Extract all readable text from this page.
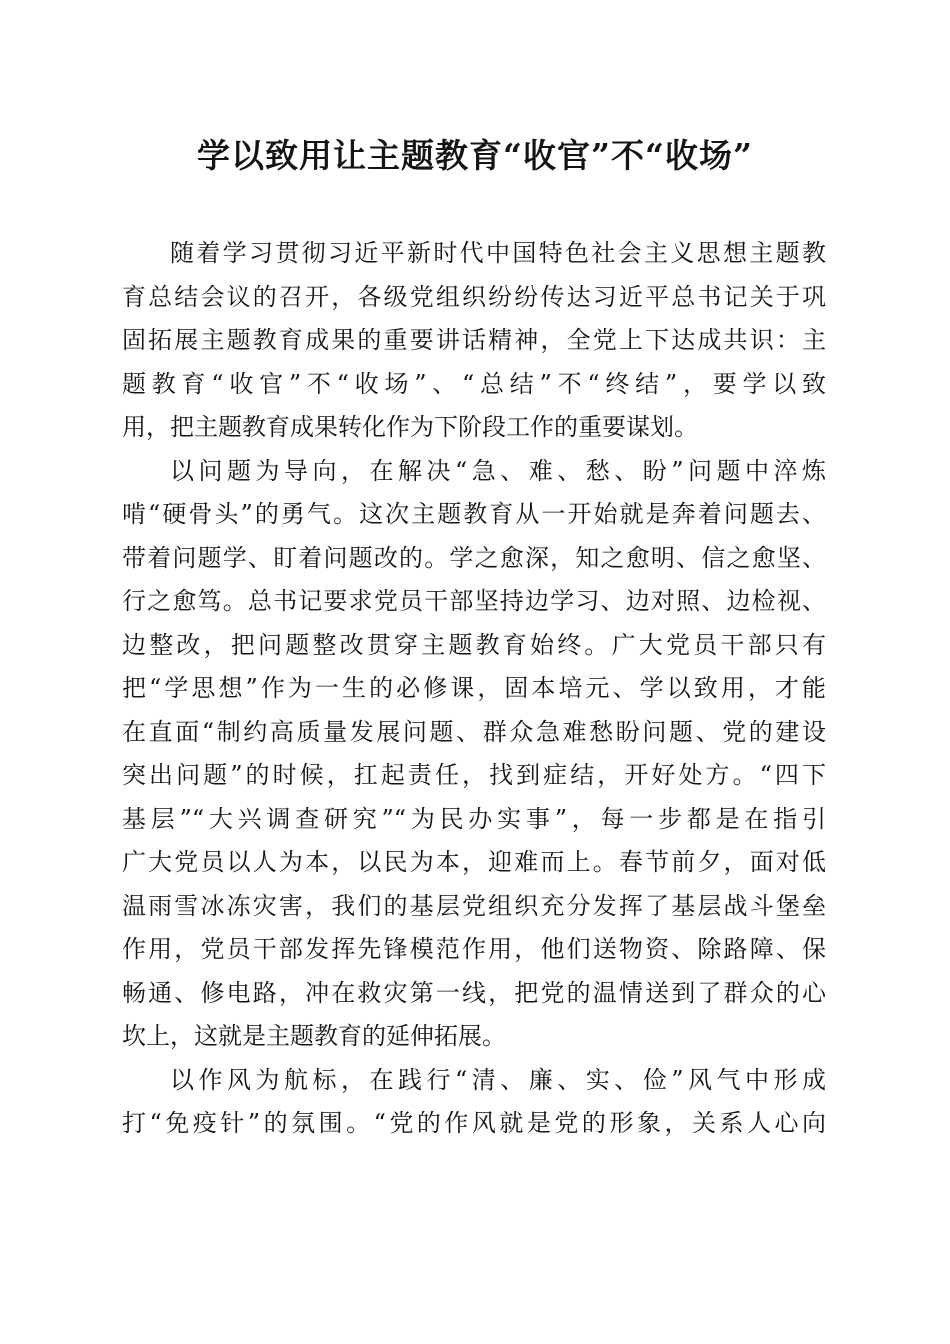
学以致用让主题教育“收官”不“收场”

随着学习贯彻习近平新时代中国特色社会主义思想主题教
育总结会议的召开，各级党组织纷纷传达习近平总书记关于巩
固拓展主题教育成果的重要讲话精神，全党上下达成共识：主
题教育“收官”不“收场”、“总结”不“终结”，要学以致
用，把主题教育成果转化作为下阶段工作的重要谋划。

以问题为导向，在解决“急、难、愁、盼”问题中淬炼
啃“硬骨头”的勇气。这次主题教育从一开始就是奔着问题去、
带着问题学、盯着问题改的。学之愈深，知之愈明、信之愈坚、
行之愈笃。总书记要求党员干部坚持边学习、边对照、边检视、
边整改，把问题整改贯穿主题教育始终。广大党员干部只有
把“学思想”作为一生的必修课，固本培元、学以致用，才能
在直面“制约高质量发展问题、群众急难愁盼问题、党的建设
突出问题”的时候，扛起责任，找到症结，开好处方。“四下
基层”“大兴调查研究”“为民办实事”，每一步都是在指引
广大党员以人为本，以民为本，迎难而上。春节前夕，面对低
温雨雪冰冻灾害，我们的基层党组织充分发挥了基层战斗堡垒
作用，党员干部发挥先锋模范作用，他们送物资、除路障、保
畅通、修电路，冲在救灾第一线，把党的温情送到了群众的心
坎上，这就是主题教育的延伸拓展。

以作风为航标，在践行“清、廉、实、俭”风气中形成
打“免疫针”的氛围。“党的作风就是党的形象，关系人心向
